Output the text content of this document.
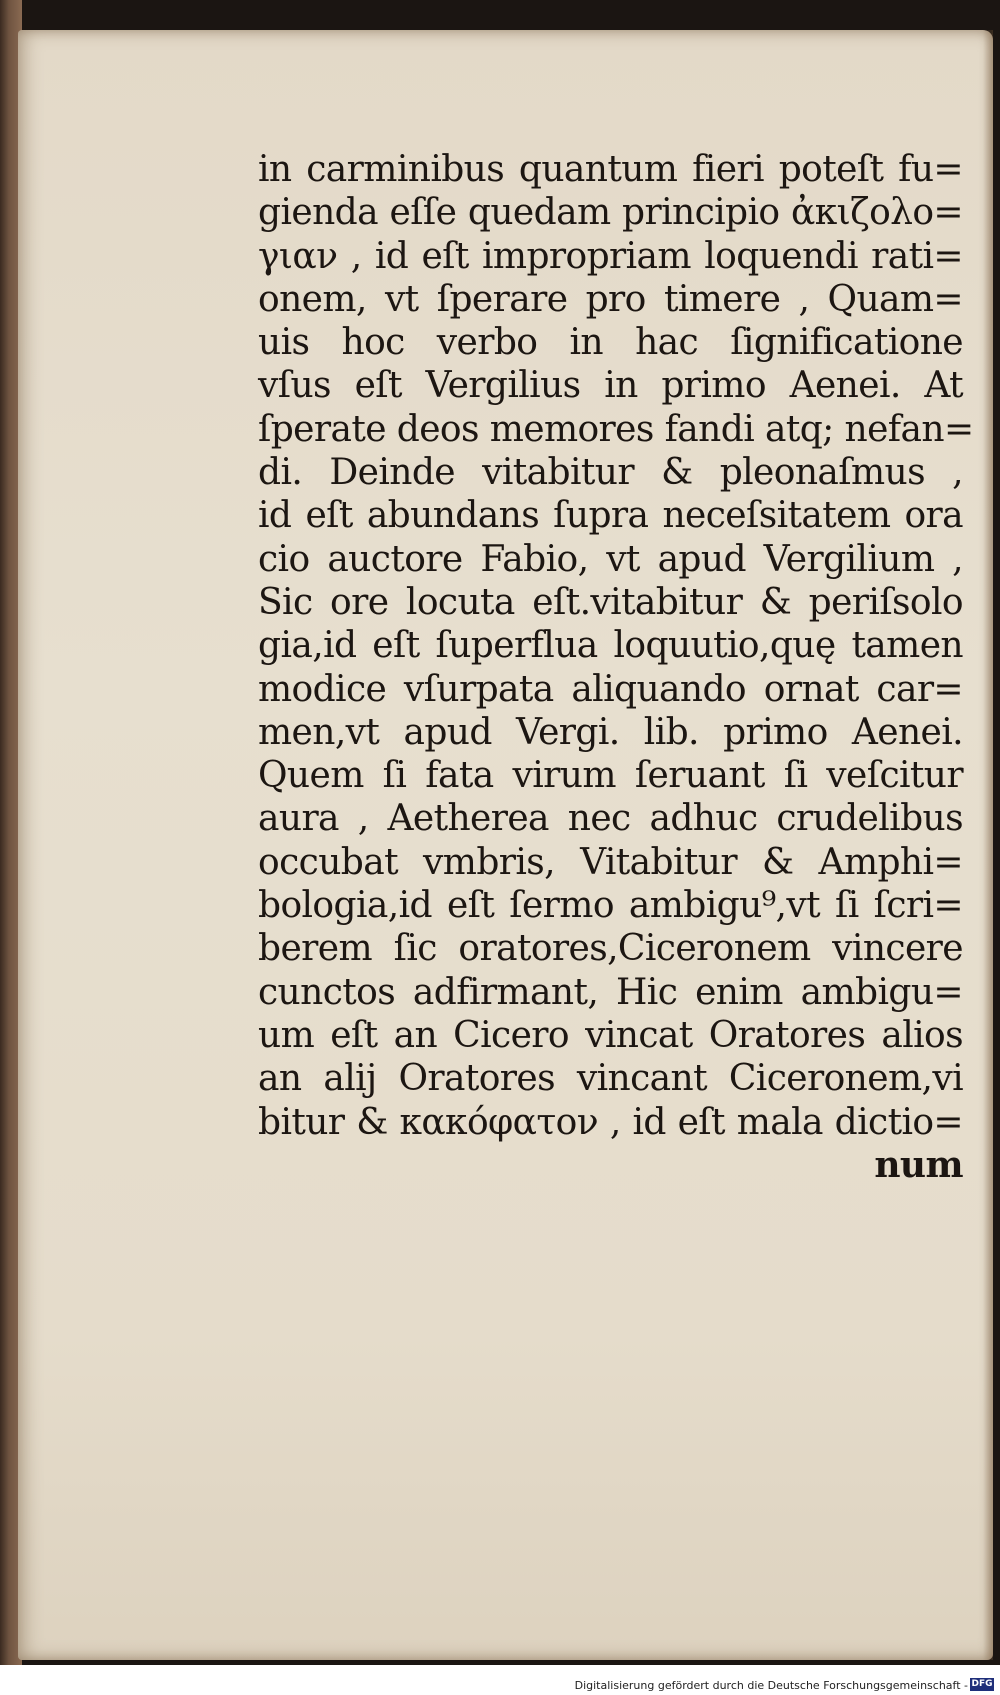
in carminibus quantum fieri poteſt fu=
gienda eſſe quedam principio ἀκιζολο=
γιαν , id eſt impropriam loquendi rati=
onem, vt ſperare pro timere , Quam=
uis hoc verbo in hac ſignificatione
vſus eſt Vergilius in primo Aenei. At
ſperate deos memores fandi atq; nefan=
di. Deinde vitabitur & pleonaſmus ,
id eſt abundans ſupra neceſsitatem ora
cio auctore Fabio, vt apud Vergilium ,
Sic ore locuta eſt.vitabitur & periſsolo
gia,id eſt ſuperflua loquutio,quę tamen
modice vſurpata aliquando ornat car=
men,vt apud Vergi. lib. primo Aenei.
Quem ſi fata virum ſeruant ſi veſcitur
aura , Aetherea nec adhuc crudelibus
occubat vmbris, Vitabitur & Amphi=
bologia,id eſt ſermo ambigu⁹,vt ſi ſcri=
berem ſic oratores,Ciceronem vincere
cunctos adfirmant, Hic enim ambigu=
um eſt an Cicero vincat Oratores alios
an alij Oratores vincant Ciceronem,vi
bitur & κακόφατον , id eſt mala dictio=
num
Digitalisierung gefördert durch die Deutsche Forschungsgemeinschaft - DFG
